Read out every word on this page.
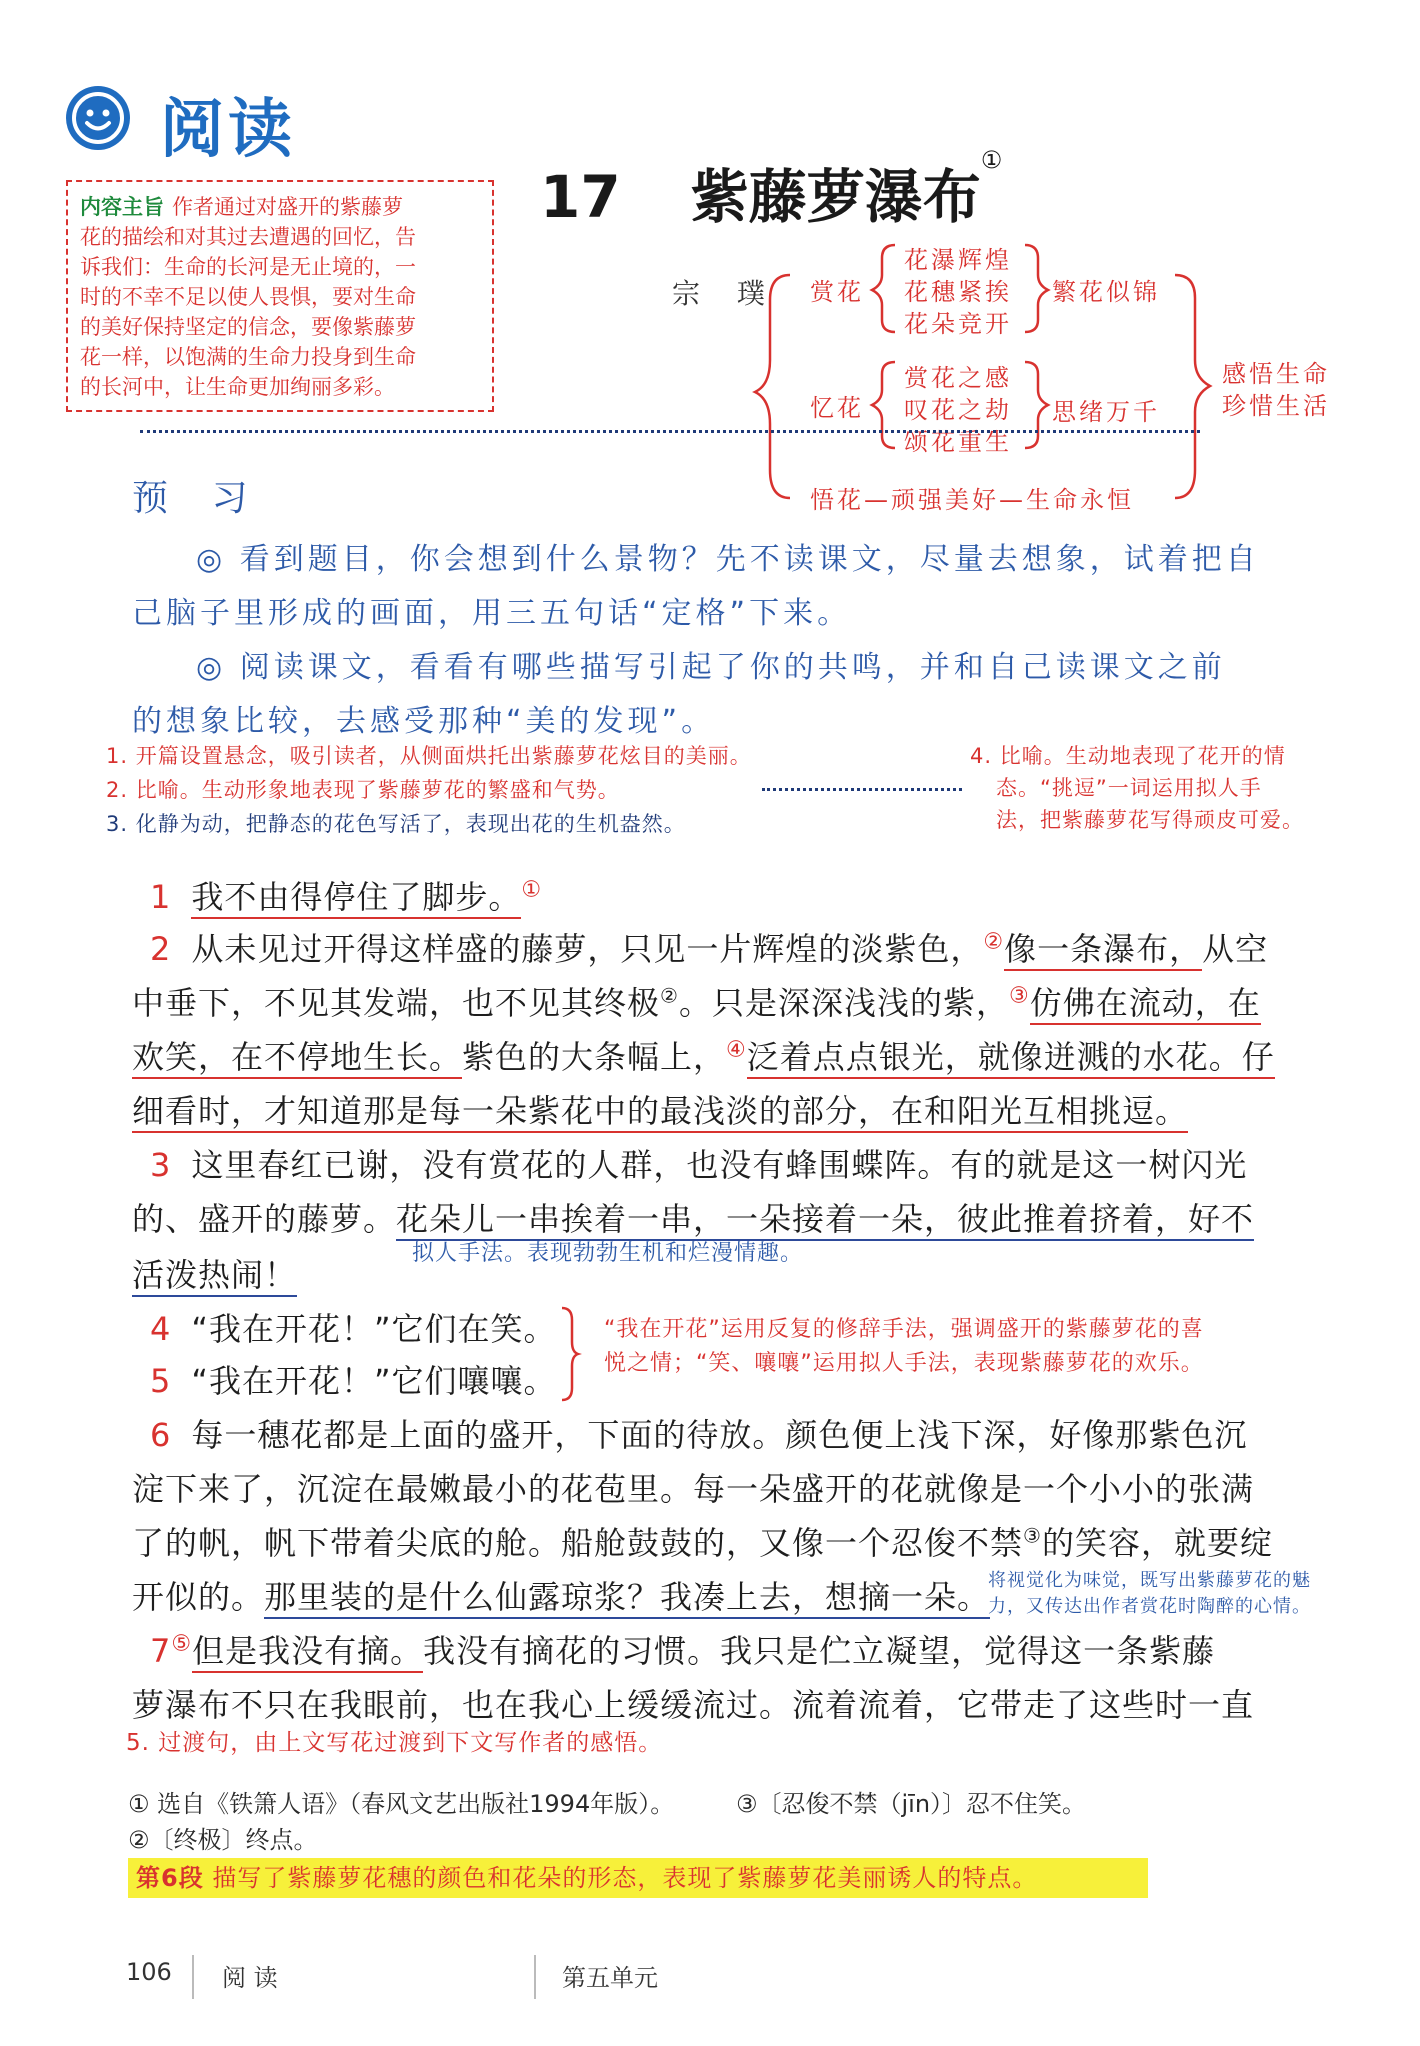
阅读
17 紫藤萝瀑布①
宗 璞
内容主旨 作者通过对盛开的紫藤萝
花的描绘和对其过去遭遇的回忆，告
诉我们：生命的长河是无止境的，一
时的不幸不足以使人畏惧，要对生命
的美好保持坚定的信念，要像紫藤萝
花一样，以饱满的生命力投身到生命
的长河中，让生命更加绚丽多彩。
赏花
花瀑辉煌
花穗紧挨
花朵竞开
繁花似锦
忆花
赏花之感
叹花之劫
颂花重生
思绪万千
感悟生命
珍惜生活
悟花—顽强美好—生命永恒
预 习
◎ 看到题目，你会想到什么景物？先不读课文，尽量去想象，试着把自
己脑子里形成的画面，用三五句话“定格”下来。
◎ 阅读课文，看看有哪些描写引起了你的共鸣，并和自己读课文之前
的想象比较，去感受那种“美的发现”。
1. 开篇设置悬念，吸引读者，从侧面烘托出紫藤萝花炫目的美丽。
2. 比喻。生动形象地表现了紫藤萝花的繁盛和气势。
3. 化静为动，把静态的花色写活了，表现出花的生机盎然。
4. 比喻。生动地表现了花开的情
态。“挑逗”一词运用拟人手
法，把紫藤萝花写得顽皮可爱。
1 我不由得停住了脚步。①
2 从未见过开得这样盛的藤萝，只见一片辉煌的淡紫色，②像一条瀑布，从空
中垂下，不见其发端，也不见其终极②。只是深深浅浅的紫，③仿佛在流动，在
欢笑，在不停地生长。紫色的大条幅上，④泛着点点银光，就像迸溅的水花。仔
细看时，才知道那是每一朵紫花中的最浅淡的部分，在和阳光互相挑逗。
3 这里春红已谢，没有赏花的人群，也没有蜂围蝶阵。有的就是这一树闪光
的、盛开的藤萝。花朵儿一串挨着一串，一朵接着一朵，彼此推着挤着，好不
拟人手法。表现勃勃生机和烂漫情趣。
活泼热闹！
4 “我在开花！”它们在笑。
5 “我在开花！”它们嚷嚷。
“我在开花”运用反复的修辞手法，强调盛开的紫藤萝花的喜
悦之情；“笑、嚷嚷”运用拟人手法，表现紫藤萝花的欢乐。
6 每一穗花都是上面的盛开，下面的待放。颜色便上浅下深，好像那紫色沉
淀下来了，沉淀在最嫩最小的花苞里。每一朵盛开的花就像是一个小小的张满
了的帆，帆下带着尖底的舱。船舱鼓鼓的，又像一个忍俊不禁③的笑容，就要绽
开似的。那里装的是什么仙露琼浆？我凑上去，想摘一朵。
将视觉化为味觉，既写出紫藤萝花的魅
力，又传达出作者赏花时陶醉的心情。
7⑤但是我没有摘。我没有摘花的习惯。我只是伫立凝望，觉得这一条紫藤
萝瀑布不只在我眼前，也在我心上缓缓流过。流着流着，它带走了这些时一直
5. 过渡句，由上文写花过渡到下文写作者的感悟。
① 选自《铁箫人语》（春风文艺出版社1994年版）。	③〔忍俊不禁（jīn）〕忍不住笑。
②〔终极〕终点。
第6段 描写了紫藤萝花穗的颜色和花朵的形态，表现了紫藤萝花美丽诱人的特点。
106 阅 读	第五单元
